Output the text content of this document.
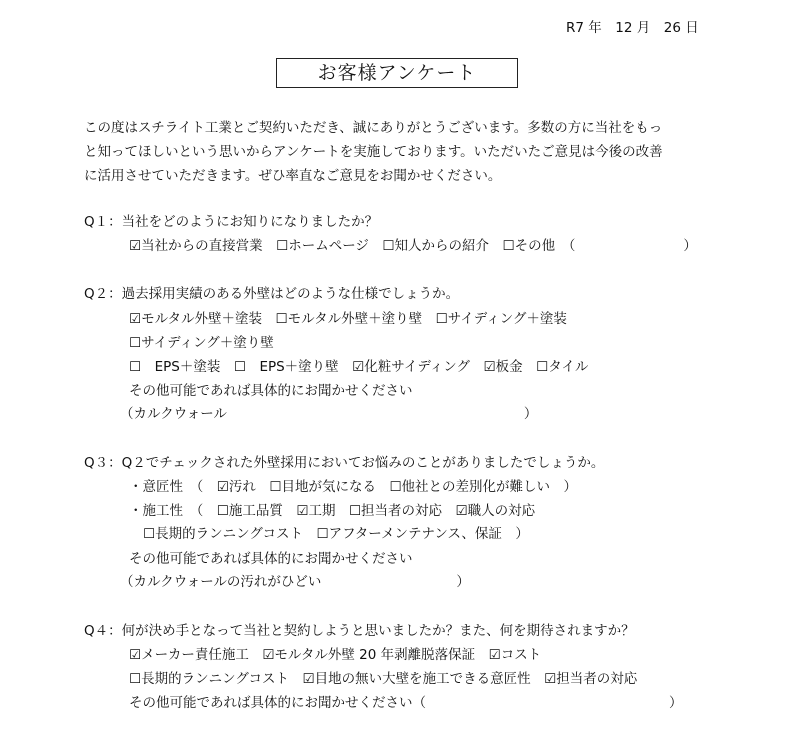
R7 年　12 月　26 日
お客様アンケート
この度はスチライト工業とご契約いただき、誠にありがとうございます。多数の方に当社をもっ
と知ってほしいという思いからアンケートを実施しております。いただいたご意見は今後の改善
に活用させていただきます。ぜひ率直なご意見をお聞かせください。
Q１：当社をどのようにお知りになりましたか？
☑当社からの直接営業　☐ホームページ　☐知人からの紹介　☐その他　（　　　　　　　　）
Q２：過去採用実績のある外壁はどのような仕様でしょうか。
☑モルタル外壁＋塗装　☐モルタル外壁＋塗り壁　☐サイディング＋塗装
☐サイディング＋塗り壁
☐　EPS＋塗装　☐　EPS＋塗り壁　☑化粧サイディング　☑板金　☐タイル
その他可能であれば具体的にお聞かせください
（カルクウォール　　　　　　　　　　　　　　　　　　　　　　）
Q３：Q２でチェックされた外壁採用においてお悩みのことがありましたでしょうか。
・意匠性　（　☑汚れ　☐目地が気になる　☐他社との差別化が難しい　）
・施工性　（　☐施工品質　☑工期　☐担当者の対応　☑職人の対応
☐長期的ランニングコスト　☐アフターメンテナンス、保証　）
その他可能であれば具体的にお聞かせください
（カルクウォールの汚れがひどい　　　　　　　　　　）
Q４：何が決め手となって当社と契約しようと思いましたか？また、何を期待されますか？
☑メーカー責任施工　☑モルタル外壁 20 年剥離脱落保証　☑コスト
☐長期的ランニングコスト　☑目地の無い大壁を施工できる意匠性　☑担当者の対応
その他可能であれば具体的にお聞かせください（　　　　　　　　　　　　　　　　　　）
